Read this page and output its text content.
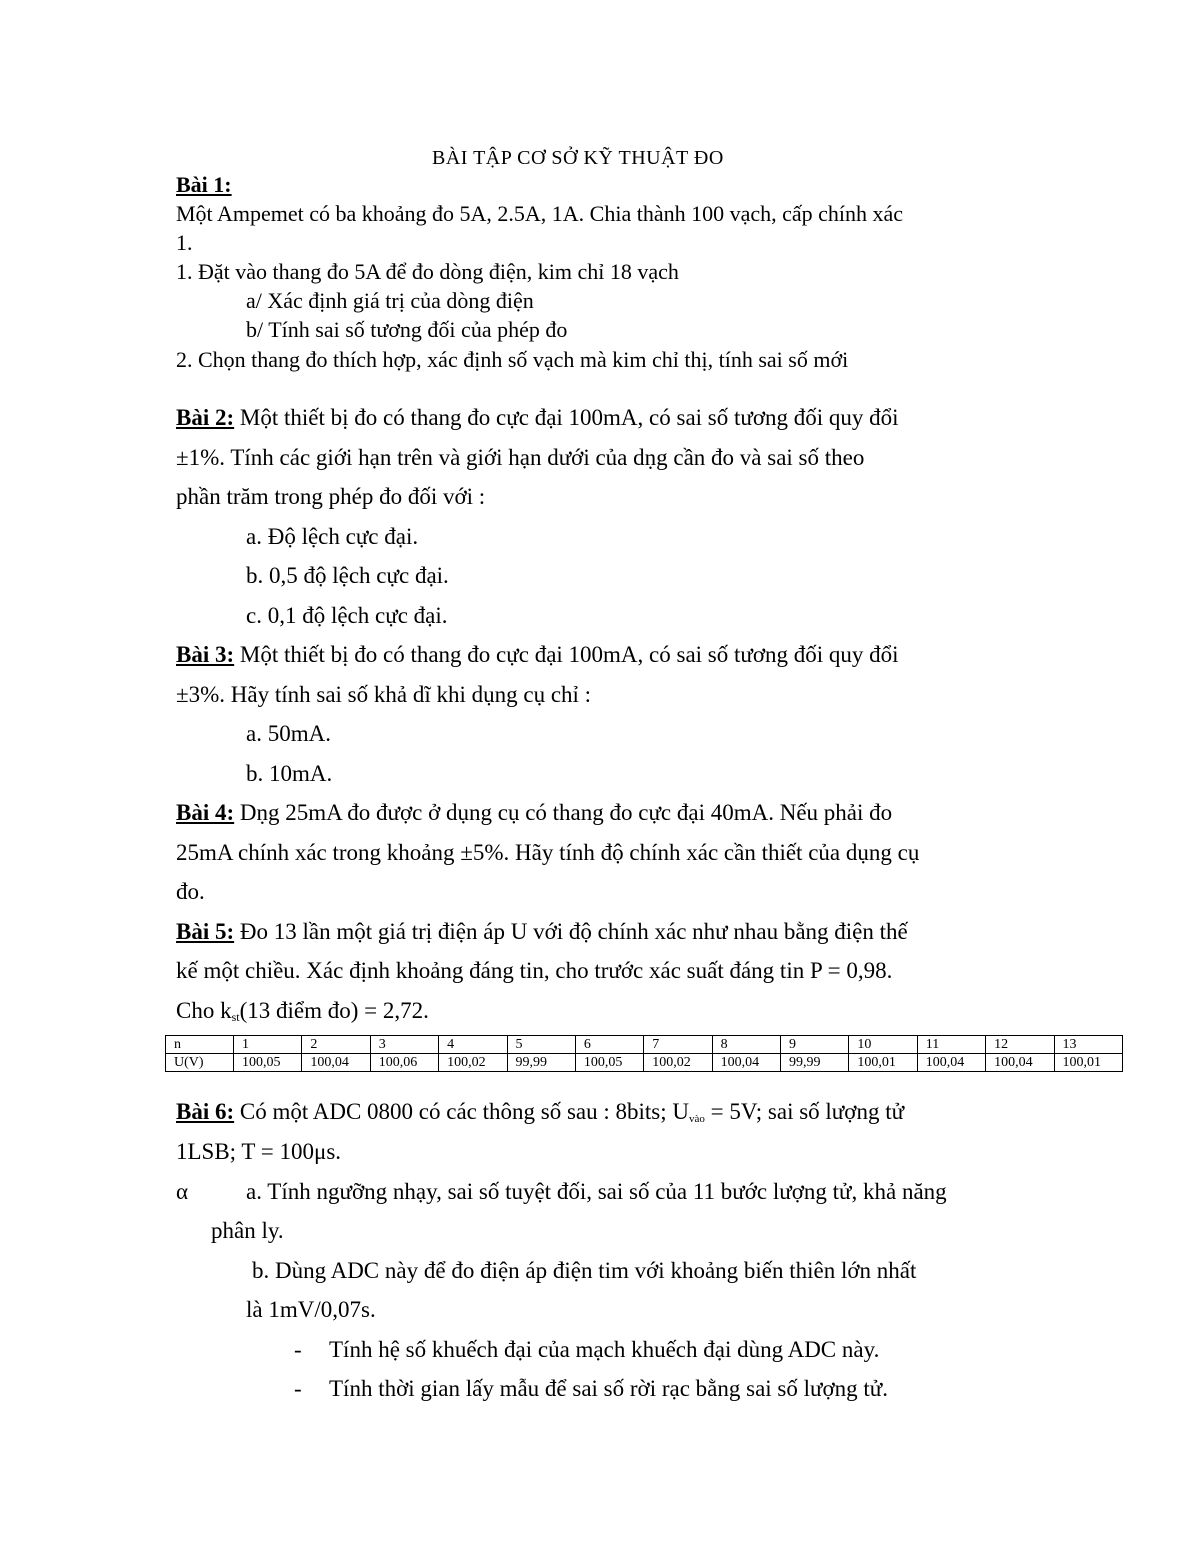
BÀI TẬP CƠ SỞ KỸ THUẬT ĐO
Bài 1:
Một Ampemet có ba khoảng đo 5A, 2.5A, 1A. Chia thành 100 vạch, cấp chính xác
1.
1. Đặt vào thang đo 5A để đo dòng điện, kim chỉ 18 vạch
a/ Xác định giá trị của dòng điện
b/ Tính sai số tương đối của phép đo
2. Chọn thang đo thích hợp, xác định số vạch mà kim chỉ thị, tính sai số mới
Bài 2: Một thiết bị đo có thang đo cực đại 100mA, có sai số tương đối quy đổi
±1%. Tính các giới hạn trên và giới hạn dưới của dṇg cần đo và sai số theo
phần trăm trong phép đo đối với :
a. Độ lệch cực đại.
b. 0,5 độ lệch cực đại.
c. 0,1 độ lệch cực đại.
Bài 3: Một thiết bị đo có thang đo cực đại 100mA, có sai số tương đối quy đổi
±3%. Hãy tính sai số khả dĩ khi dụng cụ chỉ :
a. 50mA.
b. 10mA.
Bài 4: Dṇg 25mA đo được ở dụng cụ có thang đo cực đại 40mA. Nếu phải đo
25mA chính xác trong khoảng ±5%. Hãy tính độ chính xác cần thiết của dụng cụ
đo.
Bài 5: Đo 13 lần một giá trị điện áp U với độ chính xác như nhau bằng điện thế
kế một chiều. Xác định khoảng đáng tin, cho trước xác suất đáng tin P = 0,98.
Cho $k_{st}(13$ điểm đo) = 2,72.
n	1	2	3	4	5	6	7	8	9	10	11	12	13
U(V)	100,05	100,04	100,06	100,02	99,99	100,05	100,02	100,04	99,99	100,01	100,04	100,04	100,01
Bài 6: Có một ADC 0800 có các thông số sau : 8bits; Uvào = 5V; sai số lượng tử
1LSB; T = 100μs.
α	a. Tính ngưỡng nhạy, sai số tuyệt đối, sai số của 11 bước lượng tử, khả năng
phân ly.
b. Dùng ADC này để đo điện áp điện tim với khoảng biến thiên lớn nhất
là 1mV/0,07s.
- Tính hệ số khuếch đại của mạch khuếch đại dùng ADC này.
- Tính thời gian lấy mẫu để sai số rời rạc bằng sai số lượng tử.
